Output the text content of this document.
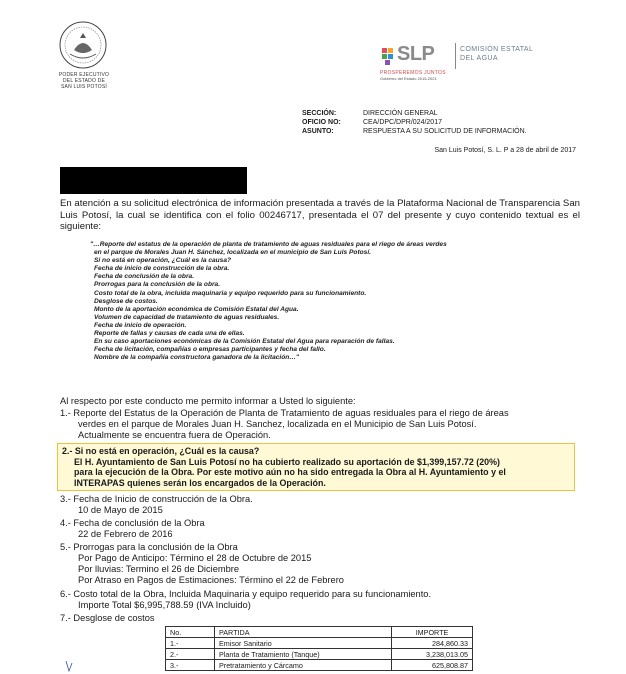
PODER EJECUTIVO
DEL ESTADO DE
SAN LUIS POTOSÍ
SLP
PROSPEREMOS JUNTOS
Gobierno del Estado 2015-2021
COMISIÓN ESTATAL
DEL AGUA
SECCIÓN:	DIRECCIÓN GENERAL
OFICIO NO:	CEA/DPC/DPR/024/2017
ASUNTO:	RESPUESTA A SU SOLICITUD DE INFORMACIÓN.
San Luis Potosí, S. L. P a 28 de abril de 2017
En atención a su solicitud electrónica de información presentada a través de la Plataforma Nacional de Transparencia San Luis Potosí, la cual se identifica con el folio 00246717, presentada el 07 del presente y cuyo contenido textual es el siguiente:
"…Reporte del estatus de la operación de planta de tratamiento de aguas residuales para el riego de áreas verdes
en el parque de Morales Juan H. Sánchez, localizada en el municipio de San Luis Potosí.
Si no está en operación, ¿Cuál es la causa?
Fecha de inicio de construcción de la obra.
Fecha de conclusión de la obra.
Prorrogas para la conclusión de la obra.
Costo total de la obra, incluida maquinaria y equipo requerido para su funcionamiento.
Desglose de costos.
Monto de la aportación económica de Comisión Estatal del Agua.
Volumen de capacidad de tratamiento de aguas residuales.
Fecha de inicio de operación.
Reporte de fallas y causas de cada una de ellas.
En su caso aportaciones económicas de la Comisión Estatal del Agua para reparación de fallas.
Fecha de licitación, compañías o empresas participantes y fecha del fallo.
Nombre de la compañía constructora ganadora de la licitación…"
Al respecto por este conducto me permito informar a Usted lo siguiente:
1.- Reporte del Estatus de la Operación de Planta de Tratamiento de aguas residuales para el riego de áreas
verdes en el parque de Morales Juan H. Sanchez, localizada en el Municipio de San Luis Potosí.
Actualmente se encuentra fuera de Operación.
2.- Si no está en operación, ¿Cuál es la causa?
El H. Ayuntamiento de San Luis Potosí no ha cubierto realizado su aportación de $1,399,157.72 (20%)
para la ejecución de la Obra. Por este motivo aún no ha sido entregada la Obra al H. Ayuntamiento y el
INTERAPAS quienes serán los encargados de la Operación.
3.- Fecha de Inicio de construcción de la Obra.
10 de Mayo de 2015
4.- Fecha de conclusión de la Obra
22 de Febrero de 2016
5.- Prorrogas para la conclusión de la Obra
Por Pago de Anticipo: Término el 28 de Octubre de 2015
Por lluvias: Termino el 26 de Diciembre
Por Atraso en Pagos de Estimaciones: Término el 22 de Febrero
6.- Costo total de la Obra, Incluida Maquinaria y equipo requerido para su funcionamiento.
Importe Total $6,995,788.59 (IVA Incluido)
7.- Desglose de costos
No.	PARTIDA	IMPORTE
1.-	Emisor Sanitario	284,860.33
2.-	Planta de Tratamiento (Tanque)	3,238,013.05
3.-	Pretratamiento y Cárcamo	625,808.87
